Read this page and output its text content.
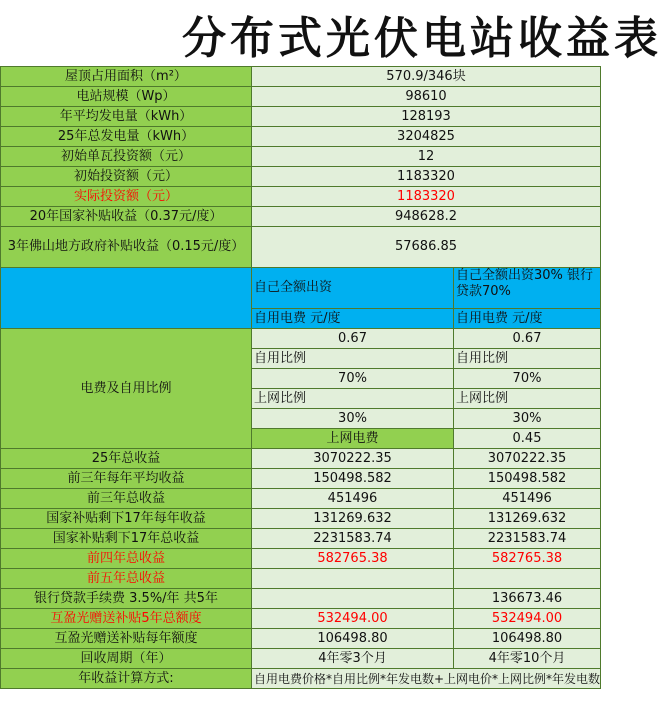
分布式光伏电站收益表
屋顶占用面积（m²）	570.9/346块		
电站规模（Wp）	98610		
年平均发电量（kWh）	128193		
25年总发电量（kWh）	3204825		
初始单瓦投资额（元）	12		
初始投资额（元）	1183320		
实际投资额（元）	1183320		
20年国家补贴收益（0.37元/度）	948628.2		
3年佛山地方政府补贴收益（0.15元/度）	57686.85		
	自己全额出资	自己全额出资30% 银行贷款70%	
	自用电费 元/度	自用电费 元/度	
电费及自用比例	0.67	0.67	
	自用比例	自用比例	
	70%	70%	
	上网比例	上网比例	
	30%	30%	
	上网电费	0.45	
25年总收益	3070222.35	3070222.35	
前三年每年平均收益	150498.582	150498.582	
前三年总收益	451496	451496	
国家补贴剩下17年每年收益	131269.632	131269.632	
国家补贴剩下17年总收益	2231583.74	2231583.74	
前四年总收益	582765.38	582765.38	
前五年总收益			
银行贷款手续费 3.5%/年 共5年		136673.46	
互盈光赠送补贴5年总额度	532494.00	532494.00	
互盈光赠送补贴每年额度	106498.80	106498.80	
回收周期（年）	4年零3个月	4年零10个月	
年收益计算方式:	自用电费价格*自用比例*年发电数+上网电价*上网比例*年发电数		
